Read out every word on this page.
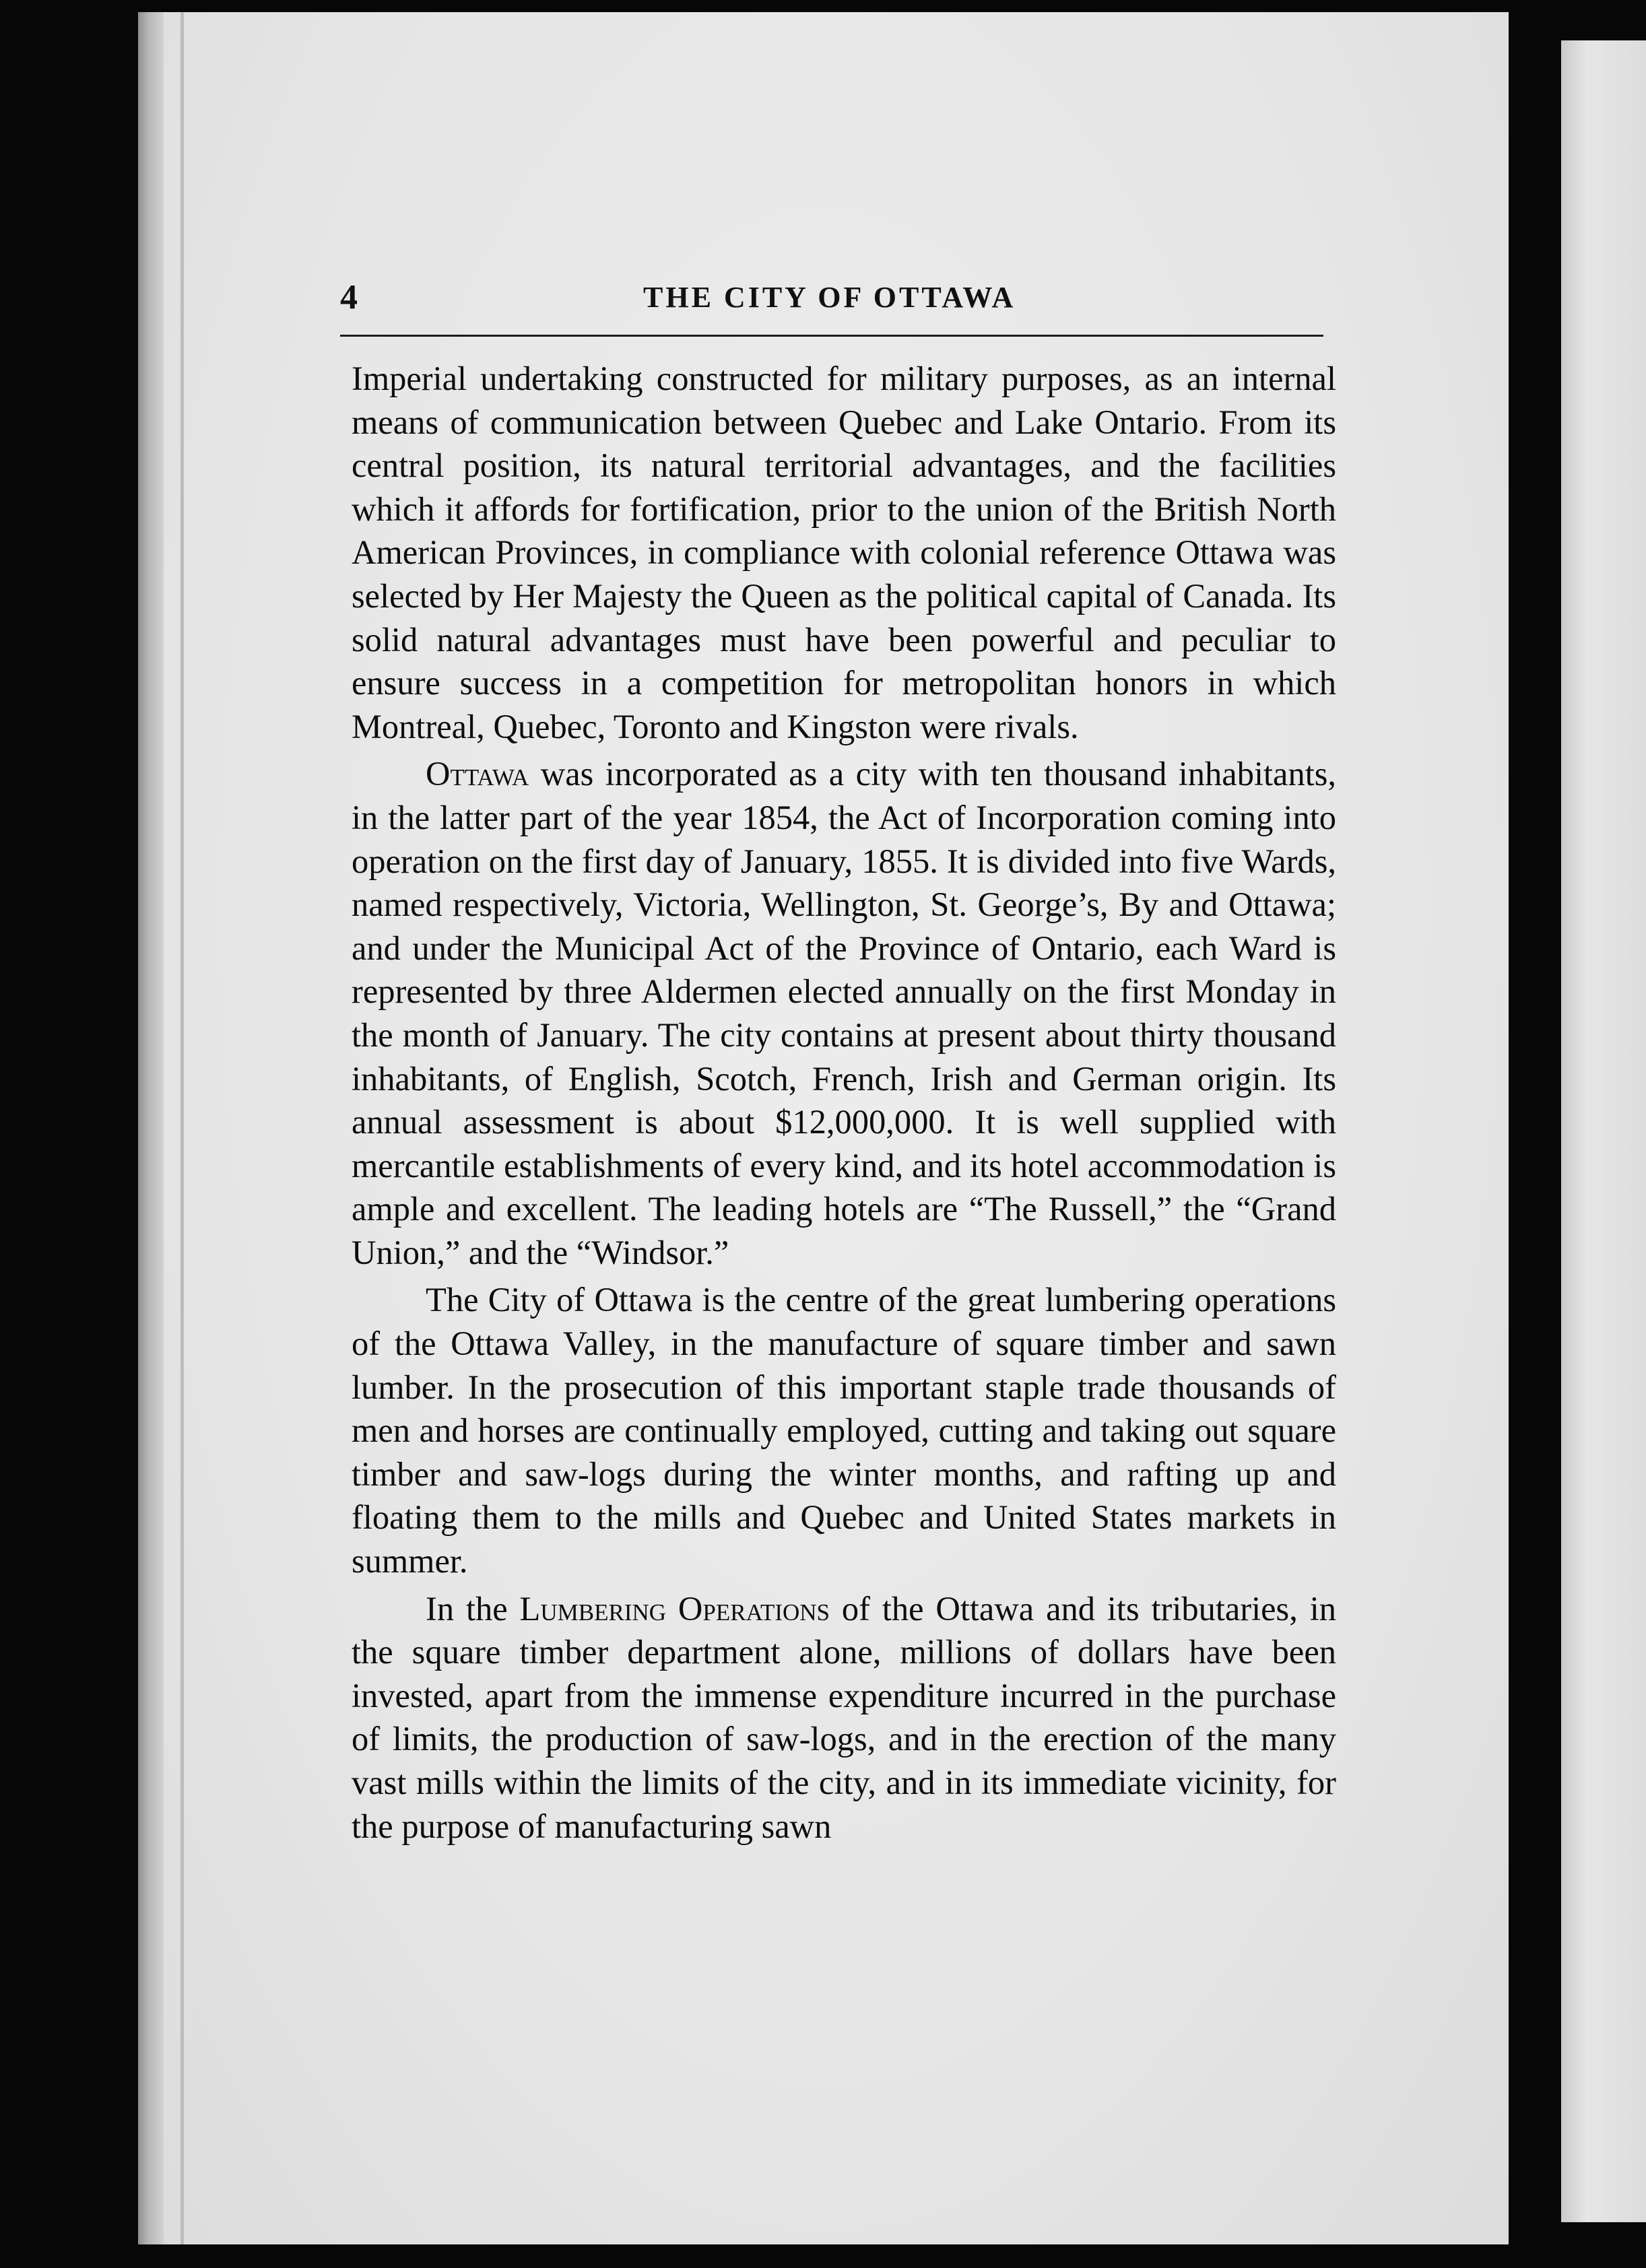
4	THE CITY OF OTTAWA

Imperial undertaking constructed for military purposes, as an internal means of communication between Quebec and Lake Ontario. From its central position, its natural territorial advantages, and the facilities which it affords for fortification, prior to the union of the British North American Provinces, in compliance with colonial reference Ottawa was selected by Her Majesty the Queen as the political capital of Canada. Its solid natural advantages must have been powerful and peculiar to ensure success in a competition for metropolitan honors in which Montreal, Quebec, Toronto and Kingston were rivals.

Ottawa was incorporated as a city with ten thousand inhabitants, in the latter part of the year 1854, the Act of Incorporation coming into operation on the first day of January, 1855. It is divided into five Wards, named respectively, Victoria, Wellington, St. George’s, By and Ottawa; and under the Municipal Act of the Province of Ontario, each Ward is represented by three Aldermen elected annually on the first Monday in the month of January. The city contains at present about thirty thousand inhabitants, of English, Scotch, French, Irish and German origin. Its annual assessment is about $12,000,000. It is well supplied with mercantile establishments of every kind, and its hotel accommodation is ample and excellent. The leading hotels are “The Russell,” the “Grand Union,” and the “Windsor.”

The City of Ottawa is the centre of the great lumbering operations of the Ottawa Valley, in the manufacture of square timber and sawn lumber. In the prosecution of this important staple trade thousands of men and horses are continually employed, cutting and taking out square timber and saw-logs during the winter months, and rafting up and floating them to the mills and Quebec and United States markets in summer.

In the Lumbering Operations of the Ottawa and its tributaries, in the square timber department alone, millions of dollars have been invested, apart from the immense expenditure incurred in the purchase of limits, the production of saw-logs, and in the erection of the many vast mills within the limits of the city, and in its immediate vicinity, for the purpose of manufacturing sawn
